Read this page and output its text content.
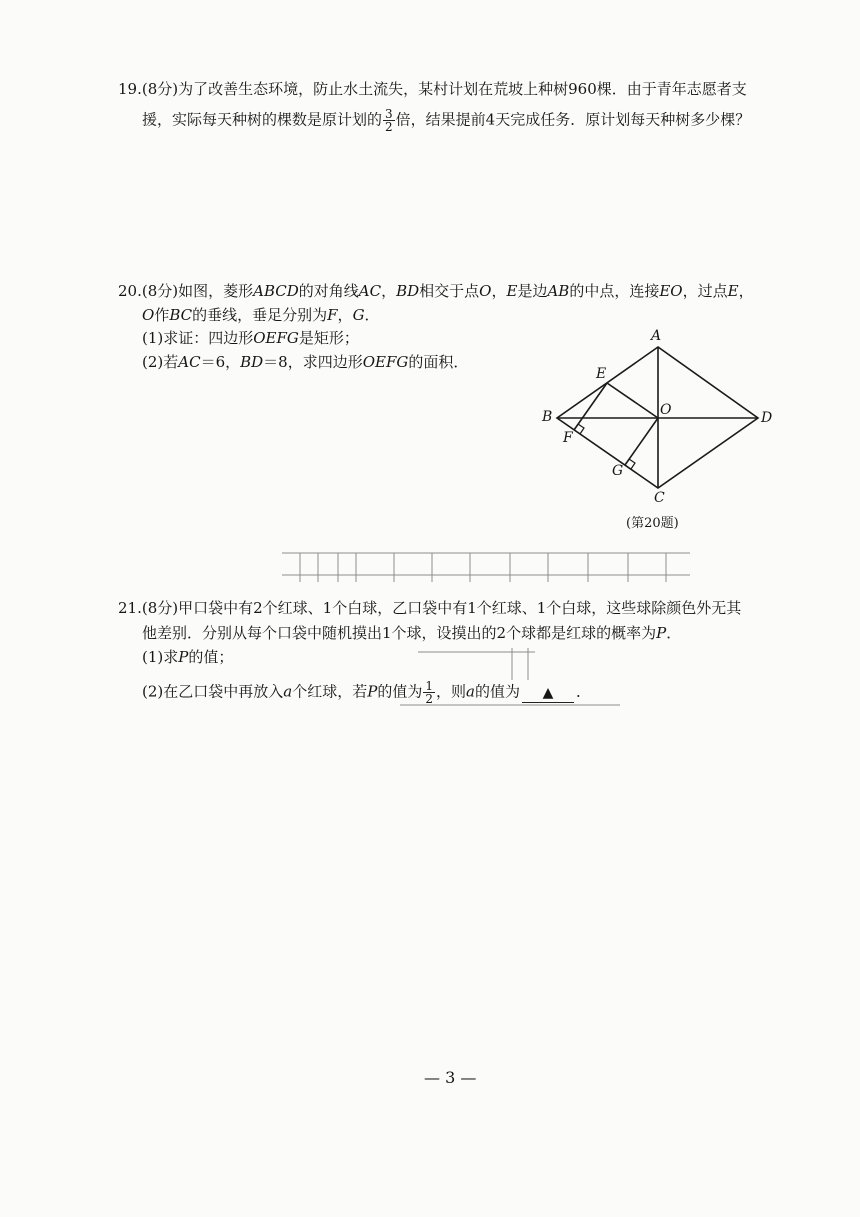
19.(8分)为了改善生态环境，防止水土流失，某村计划在荒坡上种树960棵．由于青年志愿者支
援，实际每天种树的棵数是原计划的 $\frac{3}{2}$ 倍，结果提前4天完成任务．原计划每天种树多少棵？
20.(8分)如图，菱形ABCD的对角线AC，BD相交于点O，E是边AB的中点，连接EO，过点E，
O作BC的垂线，垂足分别为F，G．
(1)求证：四边形OEFG是矩形；
(2)若AC＝6，BD＝8，求四边形OEFG的面积．
A
B
C
D
E
F
G
O
(第20题)
21.(8分)甲口袋中有2个红球、1个白球，乙口袋中有1个红球、1个白球，这些球除颜色外无其
他差别．分别从每个口袋中随机摸出1个球，设摸出的2个球都是红球的概率为P．
(1)求P的值；
(2)在乙口袋中再放入a个红球，若P的值为 $\frac{1}{2}$ ，则a的值为 ▲ ．
— 3 —
